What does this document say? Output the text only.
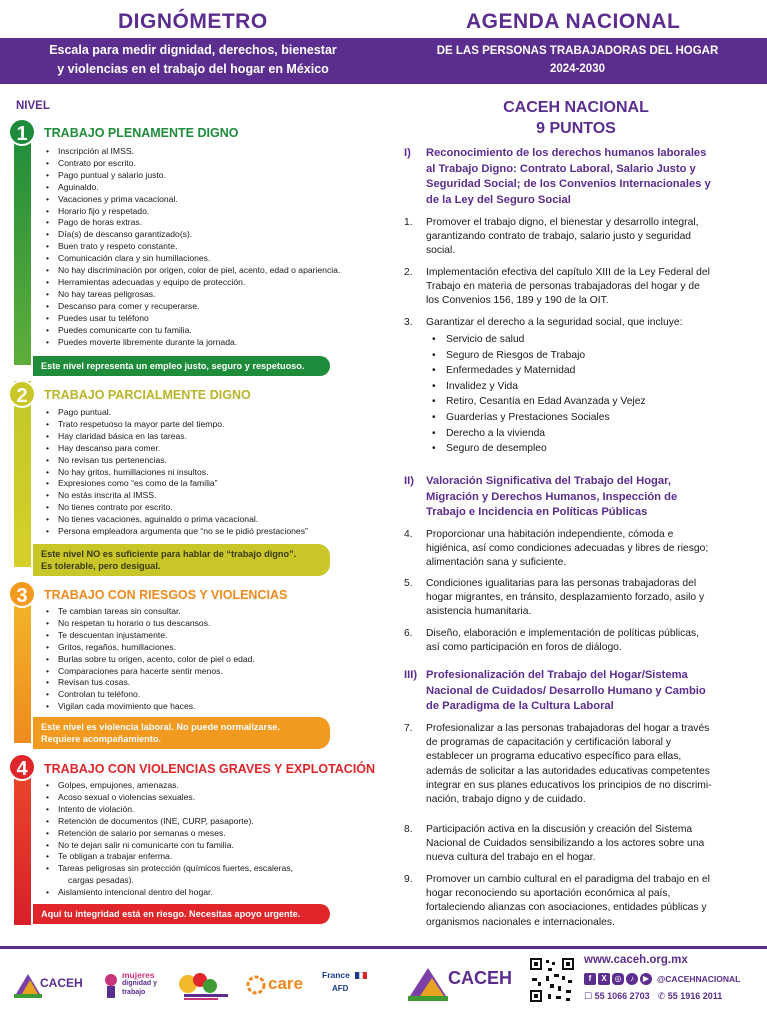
DIGNÓMETRO	AGENDA NACIONAL
Escala para medir dignidad, derechos, bienestar
y violencias en el trabajo del hogar en México
DE LAS PERSONAS TRABAJADORAS DEL HOGAR
2024-2030
NIVEL
1
2
3
4
TRABAJO PLENAMENTE DIGNO
TRABAJO PARCIALMENTE DIGNO
TRABAJO CON RIESGOS Y VIOLENCIAS
TRABAJO CON VIOLENCIAS GRAVES Y EXPLOTACIÓN
• Inscripción al IMSS.
• Contrato por escrito.
• Pago puntual y salario justo.
• Aguinaldo.
• Vacaciones y prima vacacional.
• Horario fijo y respetado.
• Pago de horas extras.
• Día(s) de descanso garantizado(s).
• Buen trato y respeto constante.
• Comunicación clara y sin humillaciones.
• No hay discriminación por origen, color de piel, acento, edad o apariencia.
• Herramientas adecuadas y equipo de protección.
• No hay tareas peligrosas.
• Descanso para comer y recuperarse.
• Puedes usar tu teléfono
• Puedes comunicarte con tu familia.
• Puedes moverte libremente durante la jornada.
Este nivel representa un empleo justo, seguro y respetuoso.
• Pago puntual.
• Trato respetuoso la mayor parte del tiempo.
• Hay claridad básica en las tareas.
• Hay descanso para comer.
• No revisan tus pertenencias.
• No hay gritos, humillaciones ni insultos.
• Expresiones como “es como de la familia”
• No estás inscrita al IMSS.
• No tienes contrato por escrito.
• No tienes vacaciones, aguinaldo o prima vacacional.
• Persona empleadora argumenta que “no se le pidió prestaciones”
Este nivel NO es suficiente para hablar de “trabajo digno”.
Es tolerable, pero desigual.
• Te cambian tareas sin consultar.
• No respetan tu horario o tus descansos.
• Te descuentan injustamente.
• Gritos, regaños, humillaciones.
• Burlas sobre tu origen, acento, color de piel o edad.
• Comparaciones para hacerte sentir menos.
• Revisan tus cosas.
• Controlan tu teléfono.
• Vigilan cada movimiento que haces.
Este nivel es violencia laboral. No puede normalizarse.
Requiere acompañamiento.
• Golpes, empujones, amenazas.
• Acoso sexual o violencias sexuales.
• Intento de violación.
• Retención de documentos (INE, CURP, pasaporte).
• Retención de salario por semanas o meses.
• No te dejan salir ni comunicarte con tu familia.
• Te obligan a trabajar enferma.
• Tareas peligrosas sin protección (químicos fuertes, escaleras,
cargas pesadas).
• Aislamiento intencional dentro del hogar.
Aquí tu integridad está en riesgo. Necesitas apoyo urgente.
CACEH NACIONAL
9 PUNTOS
I) Reconocimiento de los derechos humanos laborales
al Trabajo Digno: Contrato Laboral, Salario Justo y
Seguridad Social; de los Convenios Internacionales y
de la Ley del Seguro Social
1. Promover el trabajo digno, el bienestar y desarrollo integral,
garantizando contrato de trabajo, salario justo y seguridad
social.
2. Implementación efectiva del capítulo XIII de la Ley Federal del
Trabajo en materia de personas trabajadoras del hogar y de
los Convenios 156, 189 y 190 de la OIT.
3. Garantizar el derecho a la seguridad social, que incluye:
• Servicio de salud
• Seguro de Riesgos de Trabajo
• Enfermedades y Maternidad
• Invalidez y Vida
• Retiro, Cesantía en Edad Avanzada y Vejez
• Guarderías y Prestaciones Sociales
• Derecho a la vivienda
• Seguro de desempleo
II) Valoración Significativa del Trabajo del Hogar,
Migración y Derechos Humanos, Inspección de
Trabajo e Incidencia en Políticas Públicas
4. Proporcionar una habitación independiente, cómoda e
higiénica, así como condiciones adecuadas y libres de riesgo;
alimentación sana y suficiente.
5. Condiciones igualitarias para las personas trabajadoras del
hogar migrantes, en tránsito, desplazamiento forzado, asilo y
asistencia humanitaria.
6. Diseño, elaboración e implementación de políticas públicas,
así como participación en foros de diálogo.
III) Profesionalización del Trabajo del Hogar/Sistema
Nacional de Cuidados/ Desarrollo Humano y Cambio
de Paradigma de la Cultura Laboral
7. Profesionalizar a las personas trabajadoras del hogar a través
de programas de capacitación y certificación laboral y
establecer un programa educativo específico para ellas,
además de solicitar a las autoridades educativas competentes
integrar en sus planes educativos los principios de no discrimi-
nación, trabajo digno y de cuidado.
8. Participación activa en la discusión y creación del Sistema
Nacional de Cuidados sensibilizando a los actores sobre una
nueva cultura del trabajo en el hogar.
9. Promover un cambio cultural en el paradigma del trabajo en el
hogar reconociendo su aportación económica al país,
fortaleciendo alianzas con asociaciones, entidades públicas y
organismos nacionales e internacionales.
CACEH
mujeres
dignidad y
trabajo	care France
AFD
CACEH
www.caceh.org.mx
f	X ◎	♪	▶ @CACEHNACIONAL
☐ 55 1066 2703 ✆ 55 1916 2011
